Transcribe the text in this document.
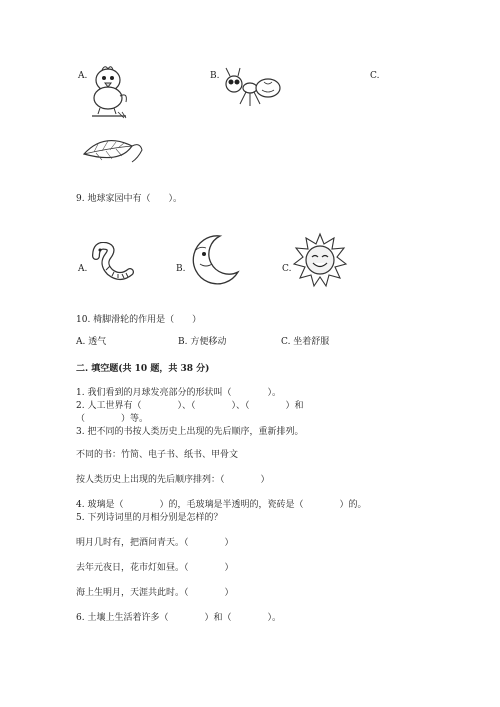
A.	B.	C.
9. 地球家园中有（　　）。
A.	B.	C.
10. 椅脚滑轮的作用是（　　）
A. 透气	B. 方便移动	C. 坐着舒服
二. 填空题(共 10 题，共 38 分)
1. 我们看到的月球发亮部分的形状叫（　　　　）。
2. 人工世界有（　　　　）、（　　　　）、（　　　　）和
（　　　　）等。
3. 把不同的书按人类历史上出现的先后顺序，重新排列。
不同的书：竹简、电子书、纸书、甲骨文
按人类历史上出现的先后顺序排列：（　　　　）
4. 玻璃是（　　　　）的，毛玻璃是半透明的，瓷砖是（　　　　）的。
5. 下列诗词里的月相分别是怎样的？
明月几时有，把酒问青天。（　　　　）
去年元夜日，花市灯如昼。（　　　　）
海上生明月，天涯共此时。（　　　　）
6. 土壤上生活着许多（　　　　）和（　　　　）。
